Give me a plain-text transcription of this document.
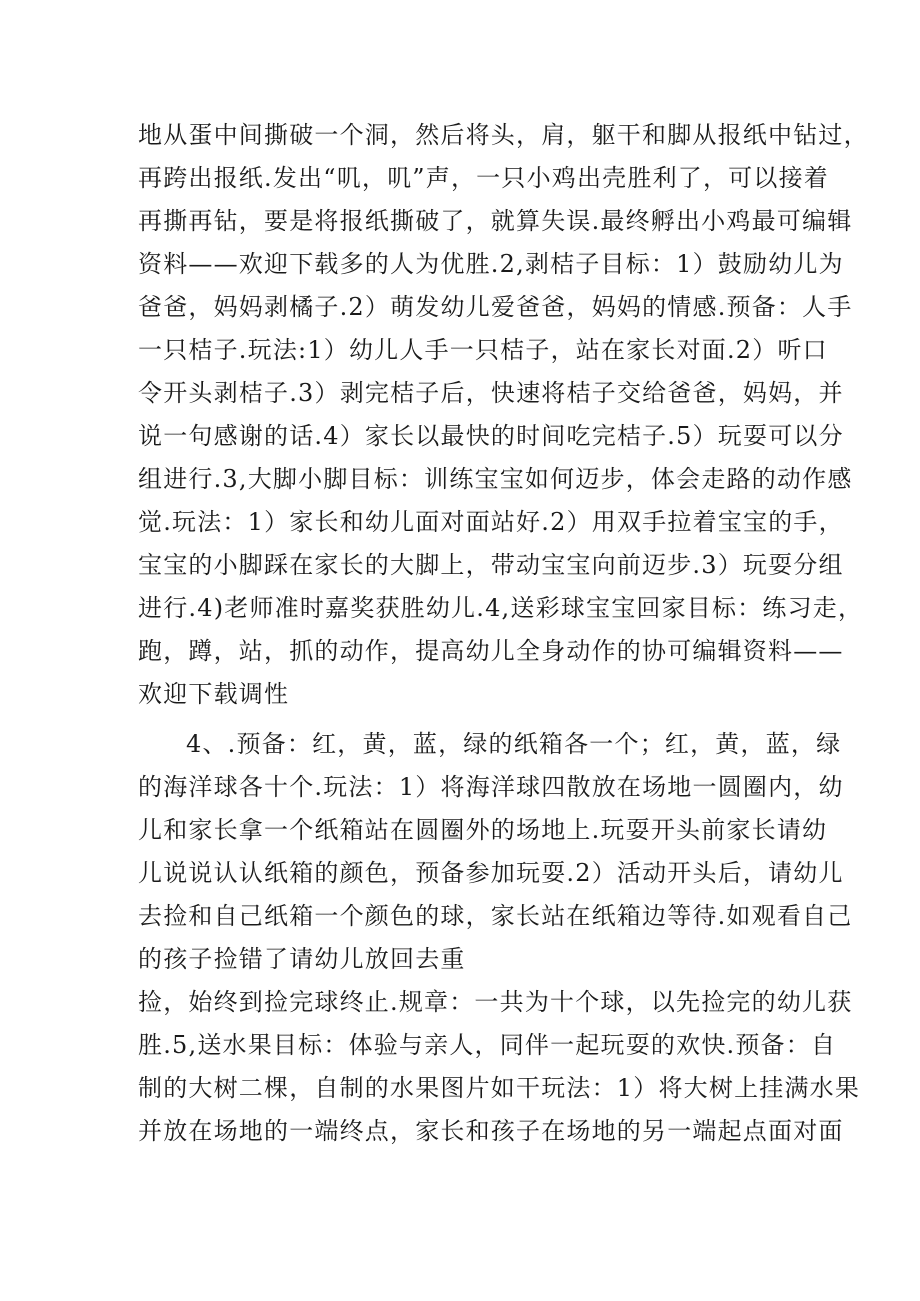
地从蛋中间撕破一个洞，然后将头，肩，躯干和脚从报纸中钻过，
再跨出报纸.发出“叽，叽”声，一只小鸡出壳胜利了，可以接着
再撕再钻，要是将报纸撕破了，就算失误.最终孵出小鸡最可编辑
资料——欢迎下载多的人为优胜.2,剥桔子目标：1）鼓励幼儿为
爸爸，妈妈剥橘子.2）萌发幼儿爱爸爸，妈妈的情感.预备：人手
一只桔子.玩法:1）幼儿人手一只桔子，站在家长对面.2）听口
令开头剥桔子.3）剥完桔子后，快速将桔子交给爸爸，妈妈，并
说一句感谢的话.4）家长以最快的时间吃完桔子.5）玩耍可以分
组进行.3,大脚小脚目标：训练宝宝如何迈步，体会走路的动作感
觉.玩法：1）家长和幼儿面对面站好.2）用双手拉着宝宝的手，
宝宝的小脚踩在家长的大脚上，带动宝宝向前迈步.3）玩耍分组
进行.4)老师准时嘉奖获胜幼儿.4,送彩球宝宝回家目标：练习走，
跑，蹲，站，抓的动作，提高幼儿全身动作的协可编辑资料——
欢迎下载调性
4、.预备：红，黄，蓝，绿的纸箱各一个；红，黄，蓝，绿
的海洋球各十个.玩法：1）将海洋球四散放在场地一圆圈内，幼
儿和家长拿一个纸箱站在圆圈外的场地上.玩耍开头前家长请幼
儿说说认认纸箱的颜色，预备参加玩耍.2）活动开头后，请幼儿
去捡和自己纸箱一个颜色的球，家长站在纸箱边等待.如观看自己
的孩子捡错了请幼儿放回去重
捡，始终到捡完球终止.规章：一共为十个球，以先捡完的幼儿获
胜.5,送水果目标：体验与亲人，同伴一起玩耍的欢快.预备：自
制的大树二棵，自制的水果图片如干玩法：1）将大树上挂满水果
并放在场地的一端终点，家长和孩子在场地的另一端起点面对面
